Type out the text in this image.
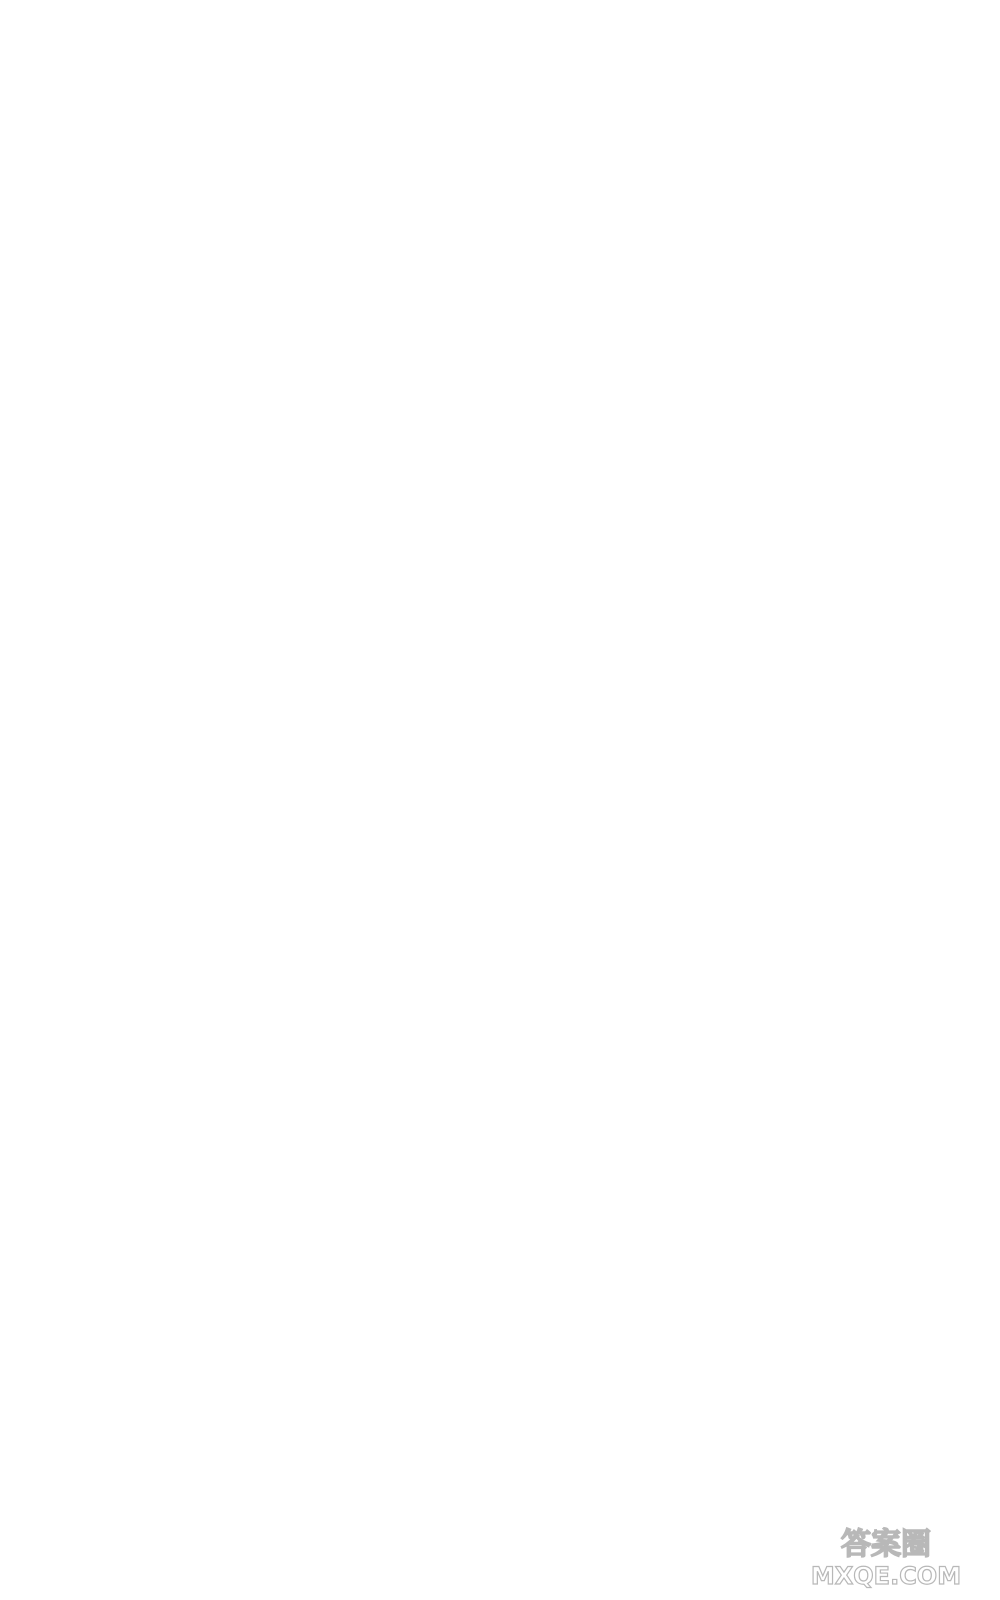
答案圈
MXQE.COM
